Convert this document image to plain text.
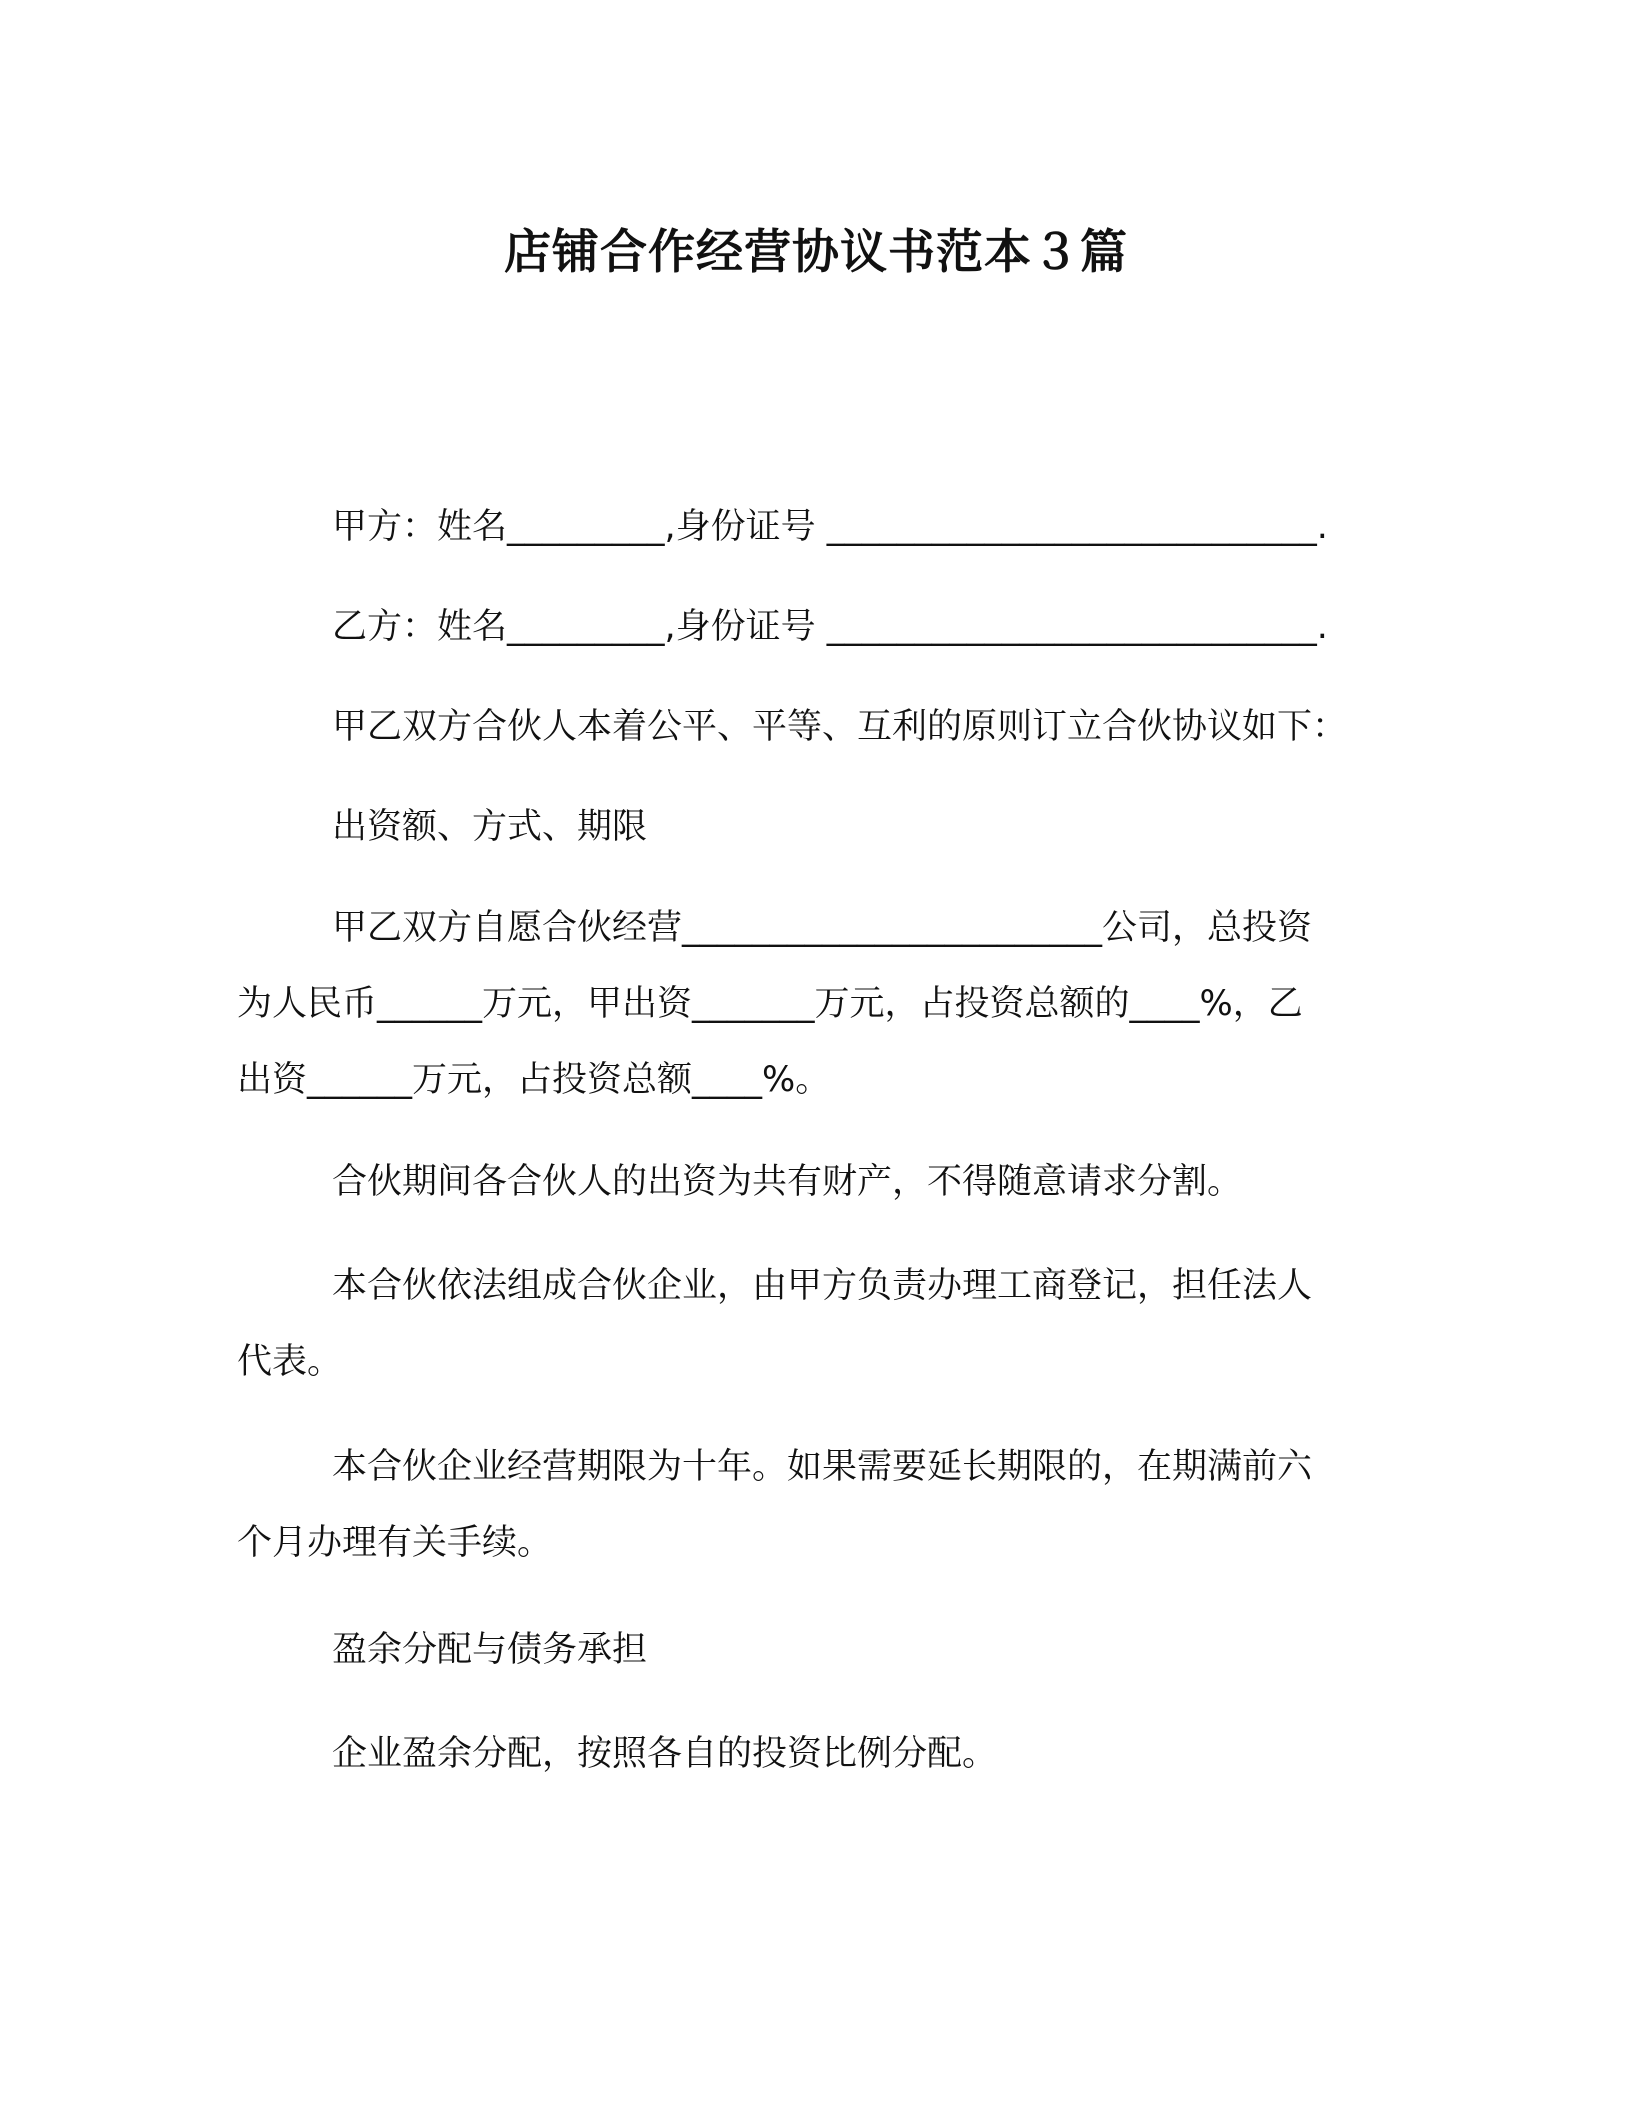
店铺合作经营协议书范本３篇
甲方：姓名_________,身份证号 ____________________________.
乙方：姓名_________,身份证号 ____________________________.
甲乙双方合伙人本着公平、平等、互利的原则订立合伙协议如下：
出资额、方式、期限
甲乙双方自愿合伙经营________________________公司，总投资
为人民币______万元，甲出资_______万元，占投资总额的____%，乙
出资______万元，占投资总额____%。
合伙期间各合伙人的出资为共有财产，不得随意请求分割。
本合伙依法组成合伙企业，由甲方负责办理工商登记，担任法人
代表。
本合伙企业经营期限为十年。如果需要延长期限的，在期满前六
个月办理有关手续。
盈余分配与债务承担
企业盈余分配，按照各自的投资比例分配。
